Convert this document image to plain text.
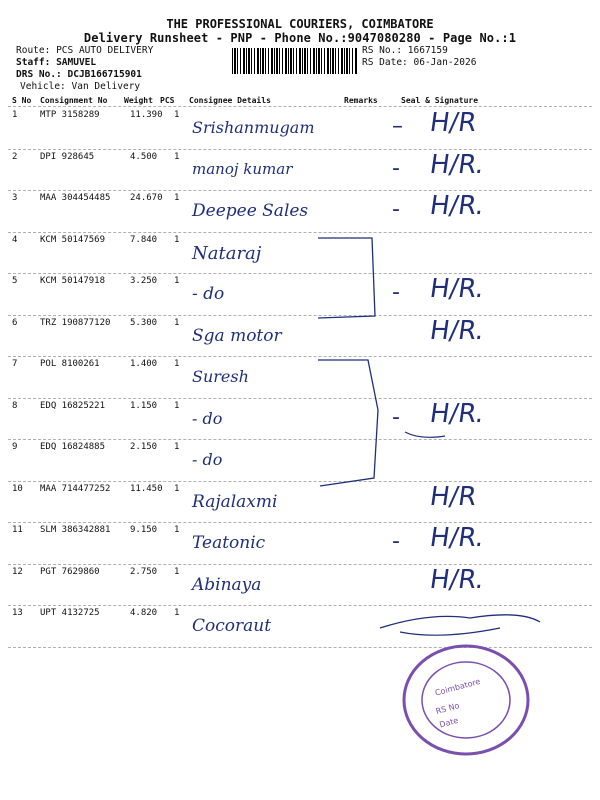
THE PROFESSIONAL COURIERS, COIMBATORE
Delivery Runsheet - PNP - Phone No.:9047080280 - Page No.:1
Route: PCS AUTO DELIVERY
Staff: SAMUVEL
DRS No.: DCJB166715901
Vehicle: Van Delivery
RS No.: 1667159
RS Date: 06-Jan-2026
S No Consignment No Weight PCS Consignee Details	Remarks	Seal & Signature
1	MTP 3158289	11.390 1
Srishanmugam	– H/R
2	DPI 928645	4.500 1
manoj kumar	- H/R.
3	MAA 304454485 24.670 1
Deepee Sales	- H/R.
4	KCM 50147569	7.840 1
Nataraj
5	KCM 50147918	3.250 1
- do	- H/R.
6	TRZ 190877120 5.300 1
Sga motor	H/R.
7	POL 8100261	1.400 1
Suresh
8	EDQ 16825221	1.150 1
- do	- H/R.
9	EDQ 16824885	2.150 1
- do
10 MAA 714477252 11.450 1
Rajalaxmi	H/R
11 SLM 386342881 9.150 1
Teatonic	- H/R.
12 PGT 7629860	2.750 1
Abinaya	H/R.
13 UPT 4132725	4.820 1
Cocoraut
Coimbatore
RS No
Date
